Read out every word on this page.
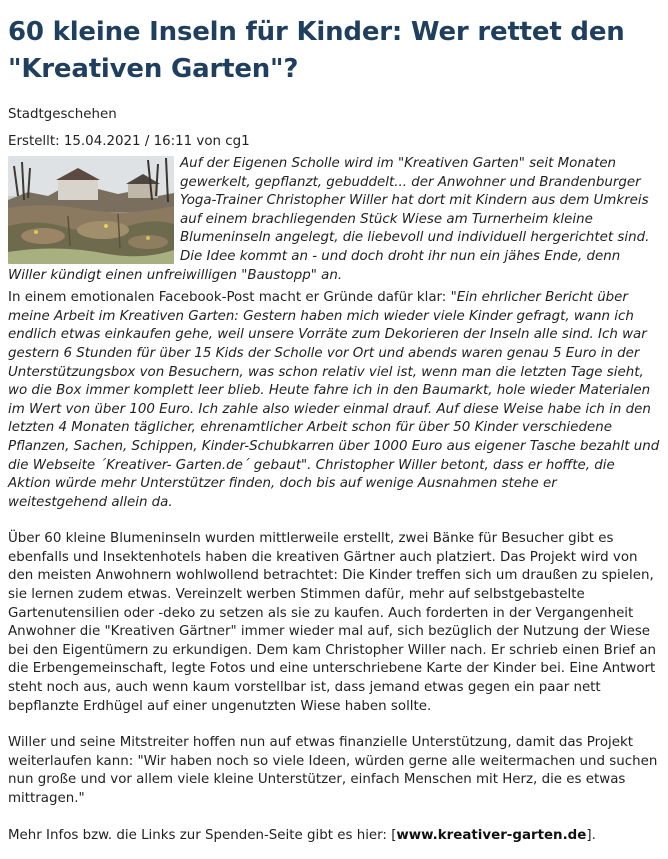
60 kleine Inseln für Kinder: Wer rettet den "Kreativen Garten"?

Stadtgeschehen

Erstellt: 15.04.2021 / 16:11 von cg1

Auf der Eigenen Scholle wird im "Kreativen Garten" seit Monaten gewerkelt, gepflanzt, gebuddelt... der Anwohner und Brandenburger Yoga-Trainer Christopher Willer hat dort mit Kindern aus dem Umkreis auf einem brachliegenden Stück Wiese am Turnerheim kleine Blumeninseln angelegt, die liebevoll und individuell hergerichtet sind. Die Idee kommt an - und doch droht ihr nun ein jähes Ende, denn Willer kündigt einen unfreiwilligen "Baustopp" an.

In einem emotionalen Facebook-Post macht er Gründe dafür klar: "Ein ehrlicher Bericht über meine Arbeit im Kreativen Garten: Gestern haben mich wieder viele Kinder gefragt, wann ich endlich etwas einkaufen gehe, weil unsere Vorräte zum Dekorieren der Inseln alle sind. Ich war gestern 6 Stunden für über 15 Kids der Scholle vor Ort und abends waren genau 5 Euro in der Unterstützungsbox von Besuchern, was schon relativ viel ist, wenn man die letzten Tage sieht, wo die Box immer komplett leer blieb. Heute fahre ich in den Baumarkt, hole wieder Materialen im Wert von über 100 Euro. Ich zahle also wieder einmal drauf. Auf diese Weise habe ich in den letzten 4 Monaten täglicher, ehrenamtlicher Arbeit schon für über 50 Kinder verschiedene Pflanzen, Sachen, Schippen, Kinder-Schubkarren über 1000 Euro aus eigener Tasche bezahlt und die Webseite ´Kreativer- Garten.de´ gebaut". Christopher Willer betont, dass er hoffte, die Aktion würde mehr Unterstützer finden, doch bis auf wenige Ausnahmen stehe er weitestgehend allein da.

Über 60 kleine Blumeninseln wurden mittlerweile erstellt, zwei Bänke für Besucher gibt es ebenfalls und Insektenhotels haben die kreativen Gärtner auch platziert. Das Projekt wird von den meisten Anwohnern wohlwollend betrachtet: Die Kinder treffen sich um draußen zu spielen, sie lernen zudem etwas. Vereinzelt werben Stimmen dafür, mehr auf selbstgebastelte Gartenutensilien oder -deko zu setzen als sie zu kaufen. Auch forderten in der Vergangenheit Anwohner die "Kreativen Gärtner" immer wieder mal auf, sich bezüglich der Nutzung der Wiese bei den Eigentümern zu erkundigen. Dem kam Christopher Willer nach. Er schrieb einen Brief an die Erbengemeinschaft, legte Fotos und eine unterschriebene Karte der Kinder bei. Eine Antwort steht noch aus, auch wenn kaum vorstellbar ist, dass jemand etwas gegen ein paar nett bepflanzte Erdhügel auf einer ungenutzten Wiese haben sollte.

Willer und seine Mitstreiter hoffen nun auf etwas finanzielle Unterstützung, damit das Projekt weiterlaufen kann: "Wir haben noch so viele Ideen, würden gerne alle weitermachen und suchen nun große und vor allem viele kleine Unterstützer, einfach Menschen mit Herz, die es etwas mittragen."

Mehr Infos bzw. die Links zur Spenden-Seite gibt es hier: [www.kreativer-garten.de].
